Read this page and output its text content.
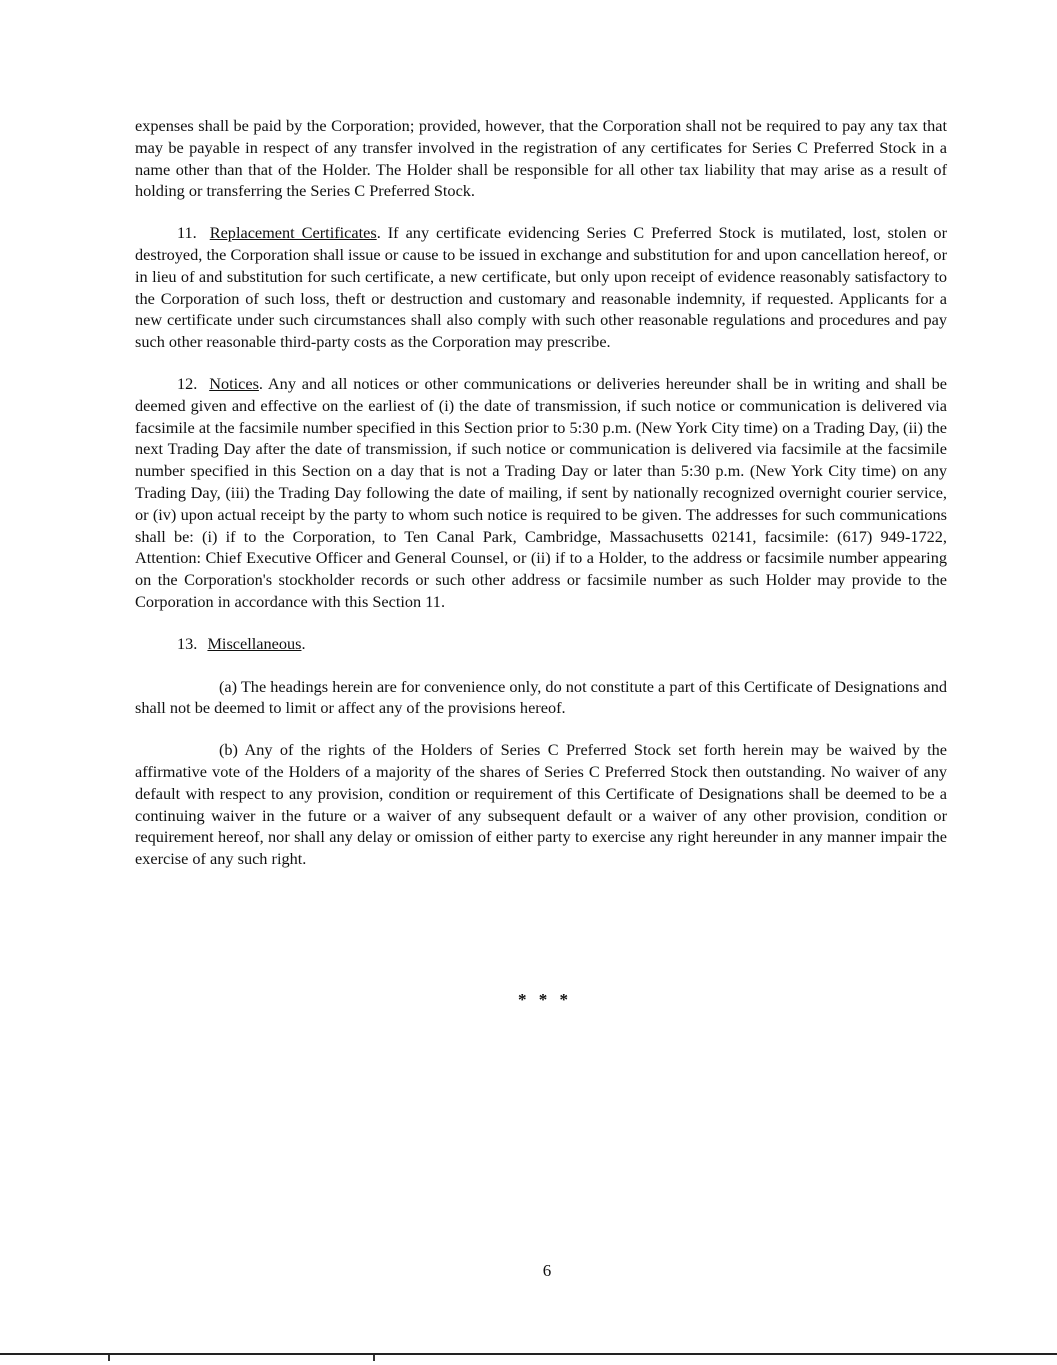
expenses shall be paid by the Corporation; provided, however, that the Corporation shall not be required to pay any tax that may be payable in respect of any transfer involved in the registration of any certificates for Series C Preferred Stock in a name other than that of the Holder. The Holder shall be responsible for all other tax liability that may arise as a result of holding or transferring the Series C Preferred Stock.

11. Replacement Certificates. If any certificate evidencing Series C Preferred Stock is mutilated, lost, stolen or destroyed, the Corporation shall issue or cause to be issued in exchange and substitution for and upon cancellation hereof, or in lieu of and substitution for such certificate, a new certificate, but only upon receipt of evidence reasonably satisfactory to the Corporation of such loss, theft or destruction and customary and reasonable indemnity, if requested. Applicants for a new certificate under such circumstances shall also comply with such other reasonable regulations and procedures and pay such other reasonable third-party costs as the Corporation may prescribe.

12. Notices. Any and all notices or other communications or deliveries hereunder shall be in writing and shall be deemed given and effective on the earliest of (i) the date of transmission, if such notice or communication is delivered via facsimile at the facsimile number specified in this Section prior to 5:30 p.m. (New York City time) on a Trading Day, (ii) the next Trading Day after the date of transmission, if such notice or communication is delivered via facsimile at the facsimile number specified in this Section on a day that is not a Trading Day or later than 5:30 p.m. (New York City time) on any Trading Day, (iii) the Trading Day following the date of mailing, if sent by nationally recognized overnight courier service, or (iv) upon actual receipt by the party to whom such notice is required to be given. The addresses for such communications shall be: (i) if to the Corporation, to Ten Canal Park, Cambridge, Massachusetts 02141, facsimile: (617) 949-1722, Attention: Chief Executive Officer and General Counsel, or (ii) if to a Holder, to the address or facsimile number appearing on the Corporation's stockholder records or such other address or facsimile number as such Holder may provide to the Corporation in accordance with this Section 11.

13. Miscellaneous.

(a) The headings herein are for convenience only, do not constitute a part of this Certificate of Designations and shall not be deemed to limit or affect any of the provisions hereof.

(b) Any of the rights of the Holders of Series C Preferred Stock set forth herein may be waived by the affirmative vote of the Holders of a majority of the shares of Series C Preferred Stock then outstanding. No waiver of any default with respect to any provision, condition or requirement of this Certificate of Designations shall be deemed to be a continuing waiver in the future or a waiver of any subsequent default or a waiver of any other provision, condition or requirement hereof, nor shall any delay or omission of either party to exercise any right hereunder in any manner impair the exercise of any such right.

* * *
6
